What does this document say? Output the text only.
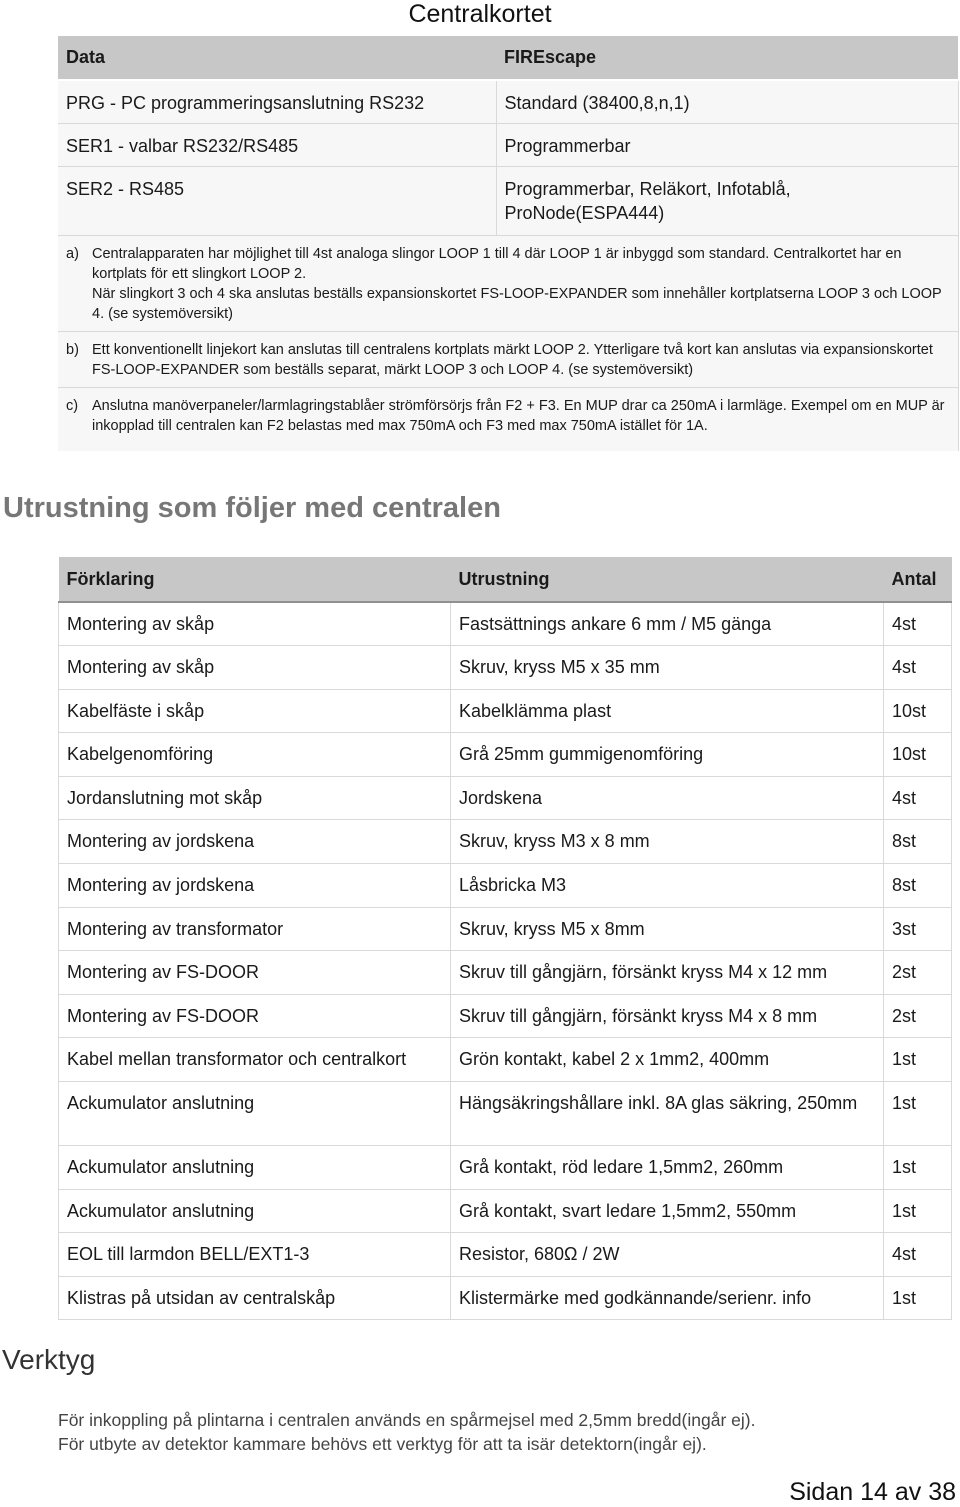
Centralkortet
Data	FIREscape
PRG - PC programmeringsanslutning RS232	Standard (38400,8,n,1)
SER1 - valbar RS232/RS485	Programmerbar
SER2 - RS485	Programmerbar, Reläkort, Infotablå, ProNode(ESPA444)

a) Centralapparaten har möjlighet till 4st analoga slingor LOOP 1 till 4 där LOOP 1 är inbyggd som standard. Centralkortet har en kortplats för ett slingkort LOOP 2.

När slingkort 3 och 4 ska anslutas beställs expansionskortet FS-LOOP-EXPANDER som innehåller kortplatserna LOOP 3 och LOOP 4. (se systemöversikt)	

b) Ett konventionellt linjekort kan anslutas till centralens kortplats märkt LOOP 2. Ytterligare två kort kan anslutas via expansionskortet FS-LOOP-EXPANDER som beställs separat, märkt LOOP 3 och LOOP 4. (se systemöversikt)	

c) Anslutna manöverpaneler/larmlagringstablåer strömförsörjs från F2 + F3. En MUP drar ca 250mA i larmläge. Exempel om en MUP är inkopplad till centralen kan F2 belastas med max 750mA och F3 med max 750mA istället för 1A.	

Utrustning som följer med centralen
Förklaring	Utrustning	Antal
Montering av skåp	Fastsättnings ankare 6 mm / M5 gänga	4st
Montering av skåp	Skruv, kryss M5 x 35 mm	4st
Kabelfäste i skåp	Kabelklämma plast	10st
Kabelgenomföring	Grå 25mm gummigenomföring	10st
Jordanslutning mot skåp	Jordskena	4st
Montering av jordskena	Skruv, kryss M3 x 8 mm	8st
Montering av jordskena	Låsbricka M3	8st
Montering av transformator	Skruv, kryss M5 x 8mm	3st
Montering av FS-DOOR	Skruv till gångjärn, försänkt kryss M4 x 12 mm	2st
Montering av FS-DOOR	Skruv till gångjärn, försänkt kryss M4 x 8 mm	2st
Kabel mellan transformator och centralkort	Grön kontakt, kabel 2 x 1mm2, 400mm	1st
Ackumulator anslutning	Hängsäkringshållare inkl. 8A glas säkring, 250mm	1st
Ackumulator anslutning	Grå kontakt, röd ledare 1,5mm2, 260mm	1st
Ackumulator anslutning	Grå kontakt, svart ledare 1,5mm2, 550mm	1st
EOL till larmdon BELL/EXT1-3	Resistor, 680Ω / 2W	4st
Klistras på utsidan av centralskåp	Klistermärke med godkännande/serienr. info	1st
Verktyg
För inkoppling på plintarna i centralen används en spårmejsel med 2,5mm bredd(ingår ej).
För utbyte av detektor kammare behövs ett verktyg för att ta isär detektorn(ingår ej).
Sidan 14 av 38
